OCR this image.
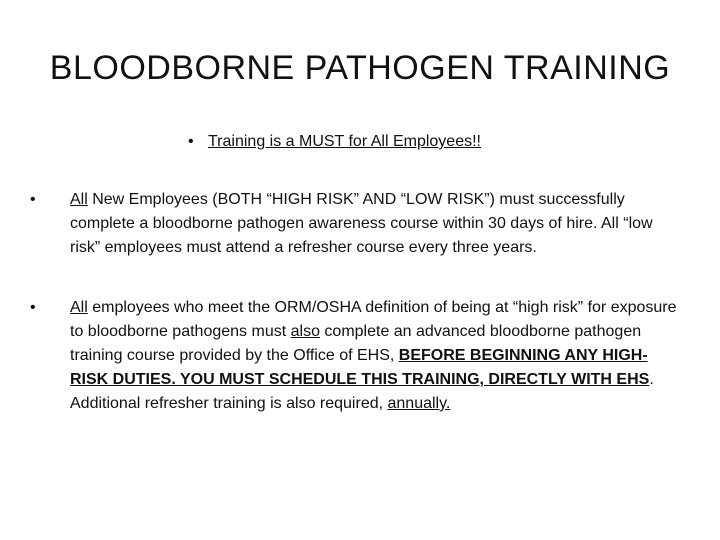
BLOODBORNE PATHOGEN TRAINING
• Training is a MUST for All Employees!!
•	All New Employees (BOTH “HIGH RISK” AND “LOW RISK”) must successfully complete a bloodborne pathogen awareness course within 30 days of hire. All “low risk” employees must attend a refresher course every three years.
•	All employees who meet the ORM/OSHA definition of being at “high risk” for exposure to bloodborne pathogens must also complete an advanced bloodborne pathogen training course provided by the Office of EHS, BEFORE BEGINNING ANY HIGH-RISK DUTIES. YOU MUST SCHEDULE THIS TRAINING, DIRECTLY WITH EHS. Additional refresher training is also required, annually.
